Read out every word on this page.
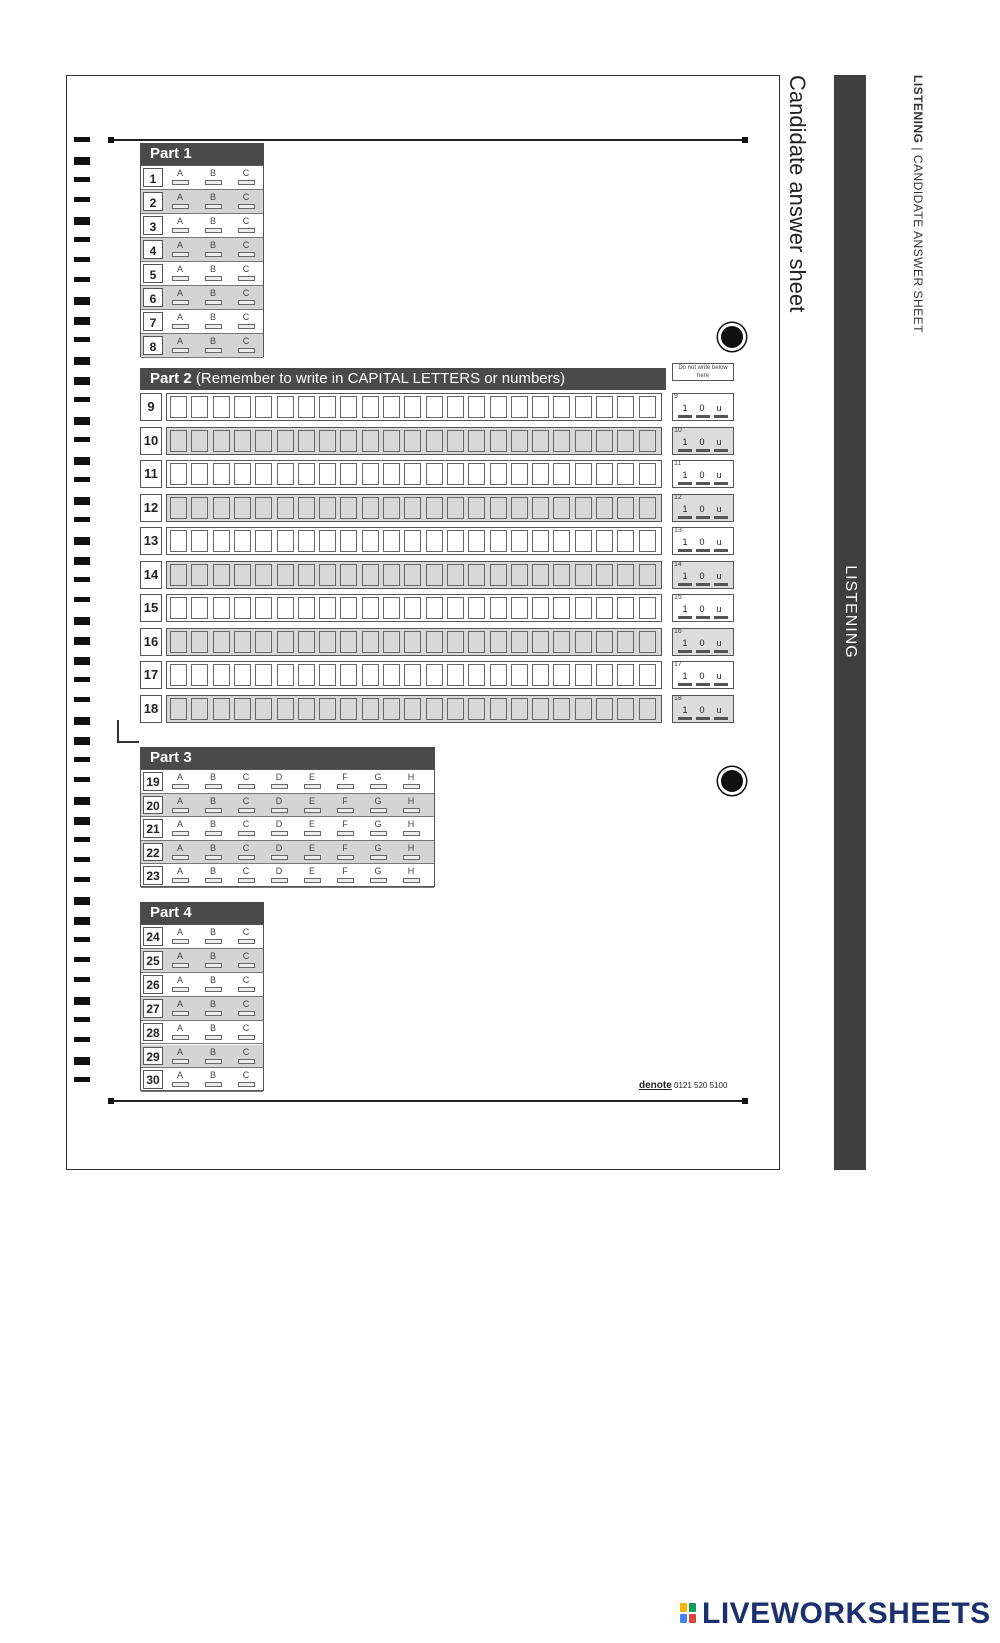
LISTENING
Candidate answer sheet	LISTENING | CANDIDATE ANSWER SHEET
Part 1
1	A	B	C
2	A	B	C
3	A	B	C
4	A	B	C
5	A	B	C
6	A	B	C
7	A	B	C
8	A	B	C
Part 2 (Remember to write in CAPITAL LETTERS or numbers)
Do not write below here
9
9
1	0	u
10
10
1	0	u
11
11
1	0	u
12
12
1	0	u
13
13
1	0	u
14
14
1	0	u
15
15
1	0	u
16
16
1	0	u
17
17
1	0	u
18
18
1	0	u
Part 3
19	A	B	C	D	E	F	G	H
20	A	B	C	D	E	F	G	H
21	A	B	C	D	E	F	G	H
22	A	B	C	D	E	F	G	H
23	A	B	C	D	E	F	G	H
Part 4
24	A	B	C
25	A	B	C
26	A	B	C
27	A	B	C
28	A	B	C
29	A	B	C
30	A	B	C
denote 0121 520 5100
LIVEWORKSHEETS
